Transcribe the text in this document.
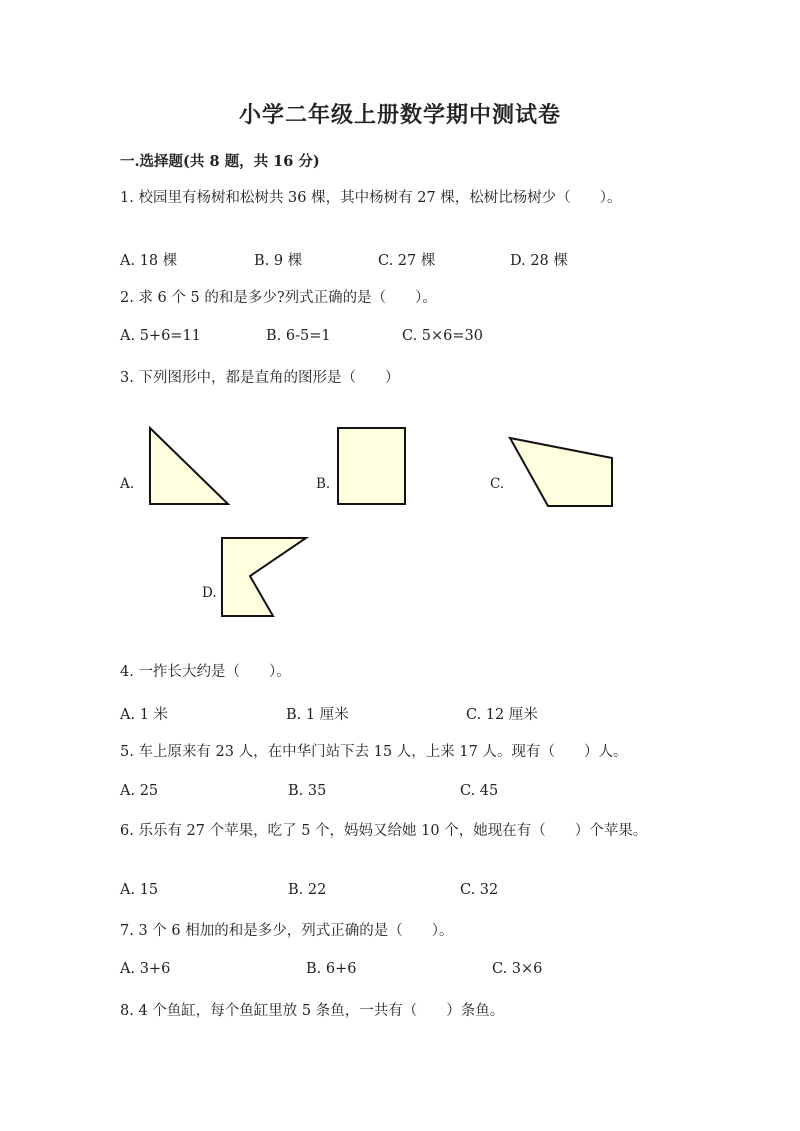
小学二年级上册数学期中测试卷
一.选择题(共 8 题，共 16 分)
1. 校园里有杨树和松树共 36 棵，其中杨树有 27 棵，松树比杨树少（　　）。
A. 18 棵	B. 9 棵	C. 27 棵	D. 28 棵
2. 求 6 个 5 的和是多少?列式正确的是（　　）。
A. 5+6=11	B. 6-5=1	C. 5×6=30
3. 下列图形中，都是直角的图形是（　　）
A.	B.	C.
D.
4. 一拃长大约是（　　）。
A. 1 米	B. 1 厘米	C. 12 厘米
5. 车上原来有 23 人，在中华门站下去 15 人，上来 17 人。现有（　　）人。
A. 25	B. 35	C. 45
6. 乐乐有 27 个苹果，吃了 5 个，妈妈又给她 10 个，她现在有（　　）个苹果。
A. 15	B. 22	C. 32
7. 3 个 6 相加的和是多少，列式正确的是（　　）。
A. 3+6	B. 6+6	C. 3×6
8. 4 个鱼缸，每个鱼缸里放 5 条鱼，一共有（　　）条鱼。
